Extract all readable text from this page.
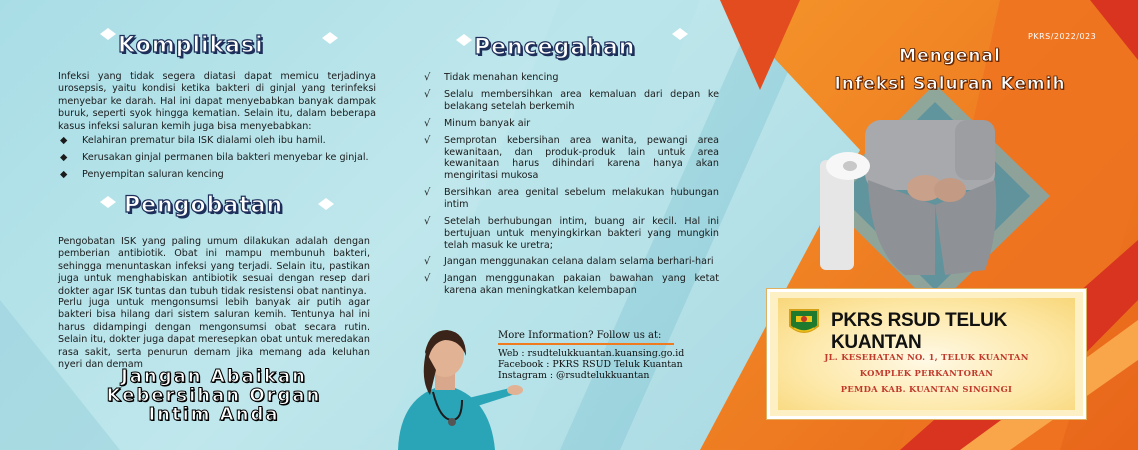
PKRS/2022/023
Mengenal
Infeksi Saluran Kemih
Komplikasi

Infeksi yang tidak segera diatasi dapat memicu terjadinya urosepsis, yaitu kondisi ketika bakteri di ginjal yang terinfeksi menyebar ke darah. Hal ini dapat menyebabkan banyak dampak buruk, seperti syok hingga kematian. Selain itu, dalam beberapa kasus infeksi saluran kemih juga bisa menyebabkan:

◆ Kelahiran prematur bila ISK dialami oleh ibu hamil.
◆ Kerusakan ginjal permanen bila bakteri menyebar ke ginjal.
◆ Penyempitan saluran kencing
Pengobatan

Pengobatan ISK yang paling umum dilakukan adalah dengan pemberian antibiotik. Obat ini mampu membunuh bakteri, sehingga menuntaskan infeksi yang terjadi. Selain itu, pastikan juga untuk menghabiskan antibiotik sesuai dengan resep dari dokter agar ISK tuntas dan tubuh tidak resistensi obat nantinya.

Perlu juga untuk mengonsumsi lebih banyak air putih agar bakteri bisa hilang dari sistem saluran kemih. Tentunya hal ini harus didampingi dengan mengonsumsi obat secara rutin. Selain itu, dokter juga dapat meresepkan obat untuk meredakan rasa sakit, serta penurun demam jika memang ada keluhan nyeri dan demam

Jangan Abaikan
Kebersihan Organ
Intim Anda
Pencegahan
√ Tidak menahan kencing
√ Selalu membersihkan area kemaluan dari depan ke belakang setelah berkemih
√ Minum banyak air
√ Semprotan kebersihan area wanita, pewangi area kewanitaan, dan produk-produk lain untuk area kewanitaan harus dihindari karena hanya akan mengiritasi mukosa
√ Bersihkan area genital sebelum melakukan hubungan intim
√ Setelah berhubungan intim, buang air kecil. Hal ini bertujuan untuk menyingkirkan bakteri yang mungkin telah masuk ke uretra;
√ Jangan menggunakan celana dalam selama berhari-hari
√ Jangan menggunakan pakaian bawahan yang ketat karena akan meningkatkan kelembapan
More Information? Follow us at:
Web : rsudtelukkuantan.kuansing.go.id
Facebook : PKRS RSUD Teluk Kuantan
Instagram : @rsudtelukkuantan
PKRS RSUD TELUK KUANTAN
JL. KESEHATAN NO. 1, TELUK KUANTAN
KOMPLEK PERKANTORAN
PEMDA KAB. KUANTAN SINGINGI
